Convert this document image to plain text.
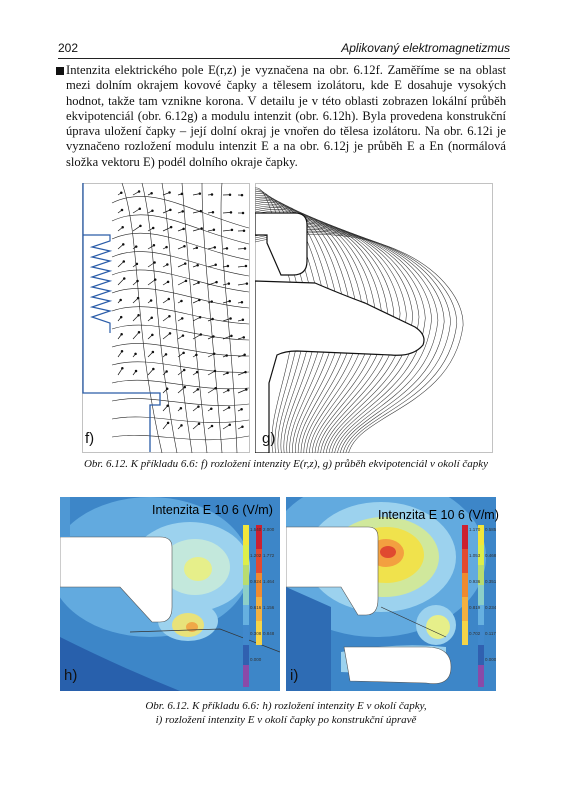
202	Aplikovaný elektromagnetizmus
Intenzita elektrického pole E(r,z) je vyznačena na obr. 6.12f. Zaměříme se na oblast mezi dolním okrajem kovové čapky a tělesem izolátoru, kde E dosahuje vysokých hodnot, takže tam vznikne korona. V detailu je v této oblasti zobrazen lokální průběh ekvipotenciál (obr. 6.12g) a modulu intenzit (obr. 6.12h). Byla provedena konstrukční úprava uložení čapky – její dolní okraj je vnořen do tělesa izolátoru. Na obr. 6.12i je vyznačeno rozložení modulu intenzit E a na obr. 6.12j je průběh E a En (normálová složka vektoru E) podél dolního okraje čapky.
f)	g)
Obr. 6.12. K příkladu 6.6: f) rozložení intenzity E(r,z), g) průběh ekvipotenciál v okolí čapky
1.540
1.202
0.924
0.616
0.308
0.000
2.000
1.772
1.464
1.156
0.848
Intenzita E 10 6 (V/m)
h)
1.170
1.053
0.936
0.819
0.702
0.585
0.468
0.351
0.234
0.117
0.000
Intenzita E 10 6 (V/m)
i)
Obr. 6.12. K příkladu 6.6: h) rozložení intenzity E v okolí čapky,
i) rozložení intenzity E v okolí čapky po konstrukční úpravě
